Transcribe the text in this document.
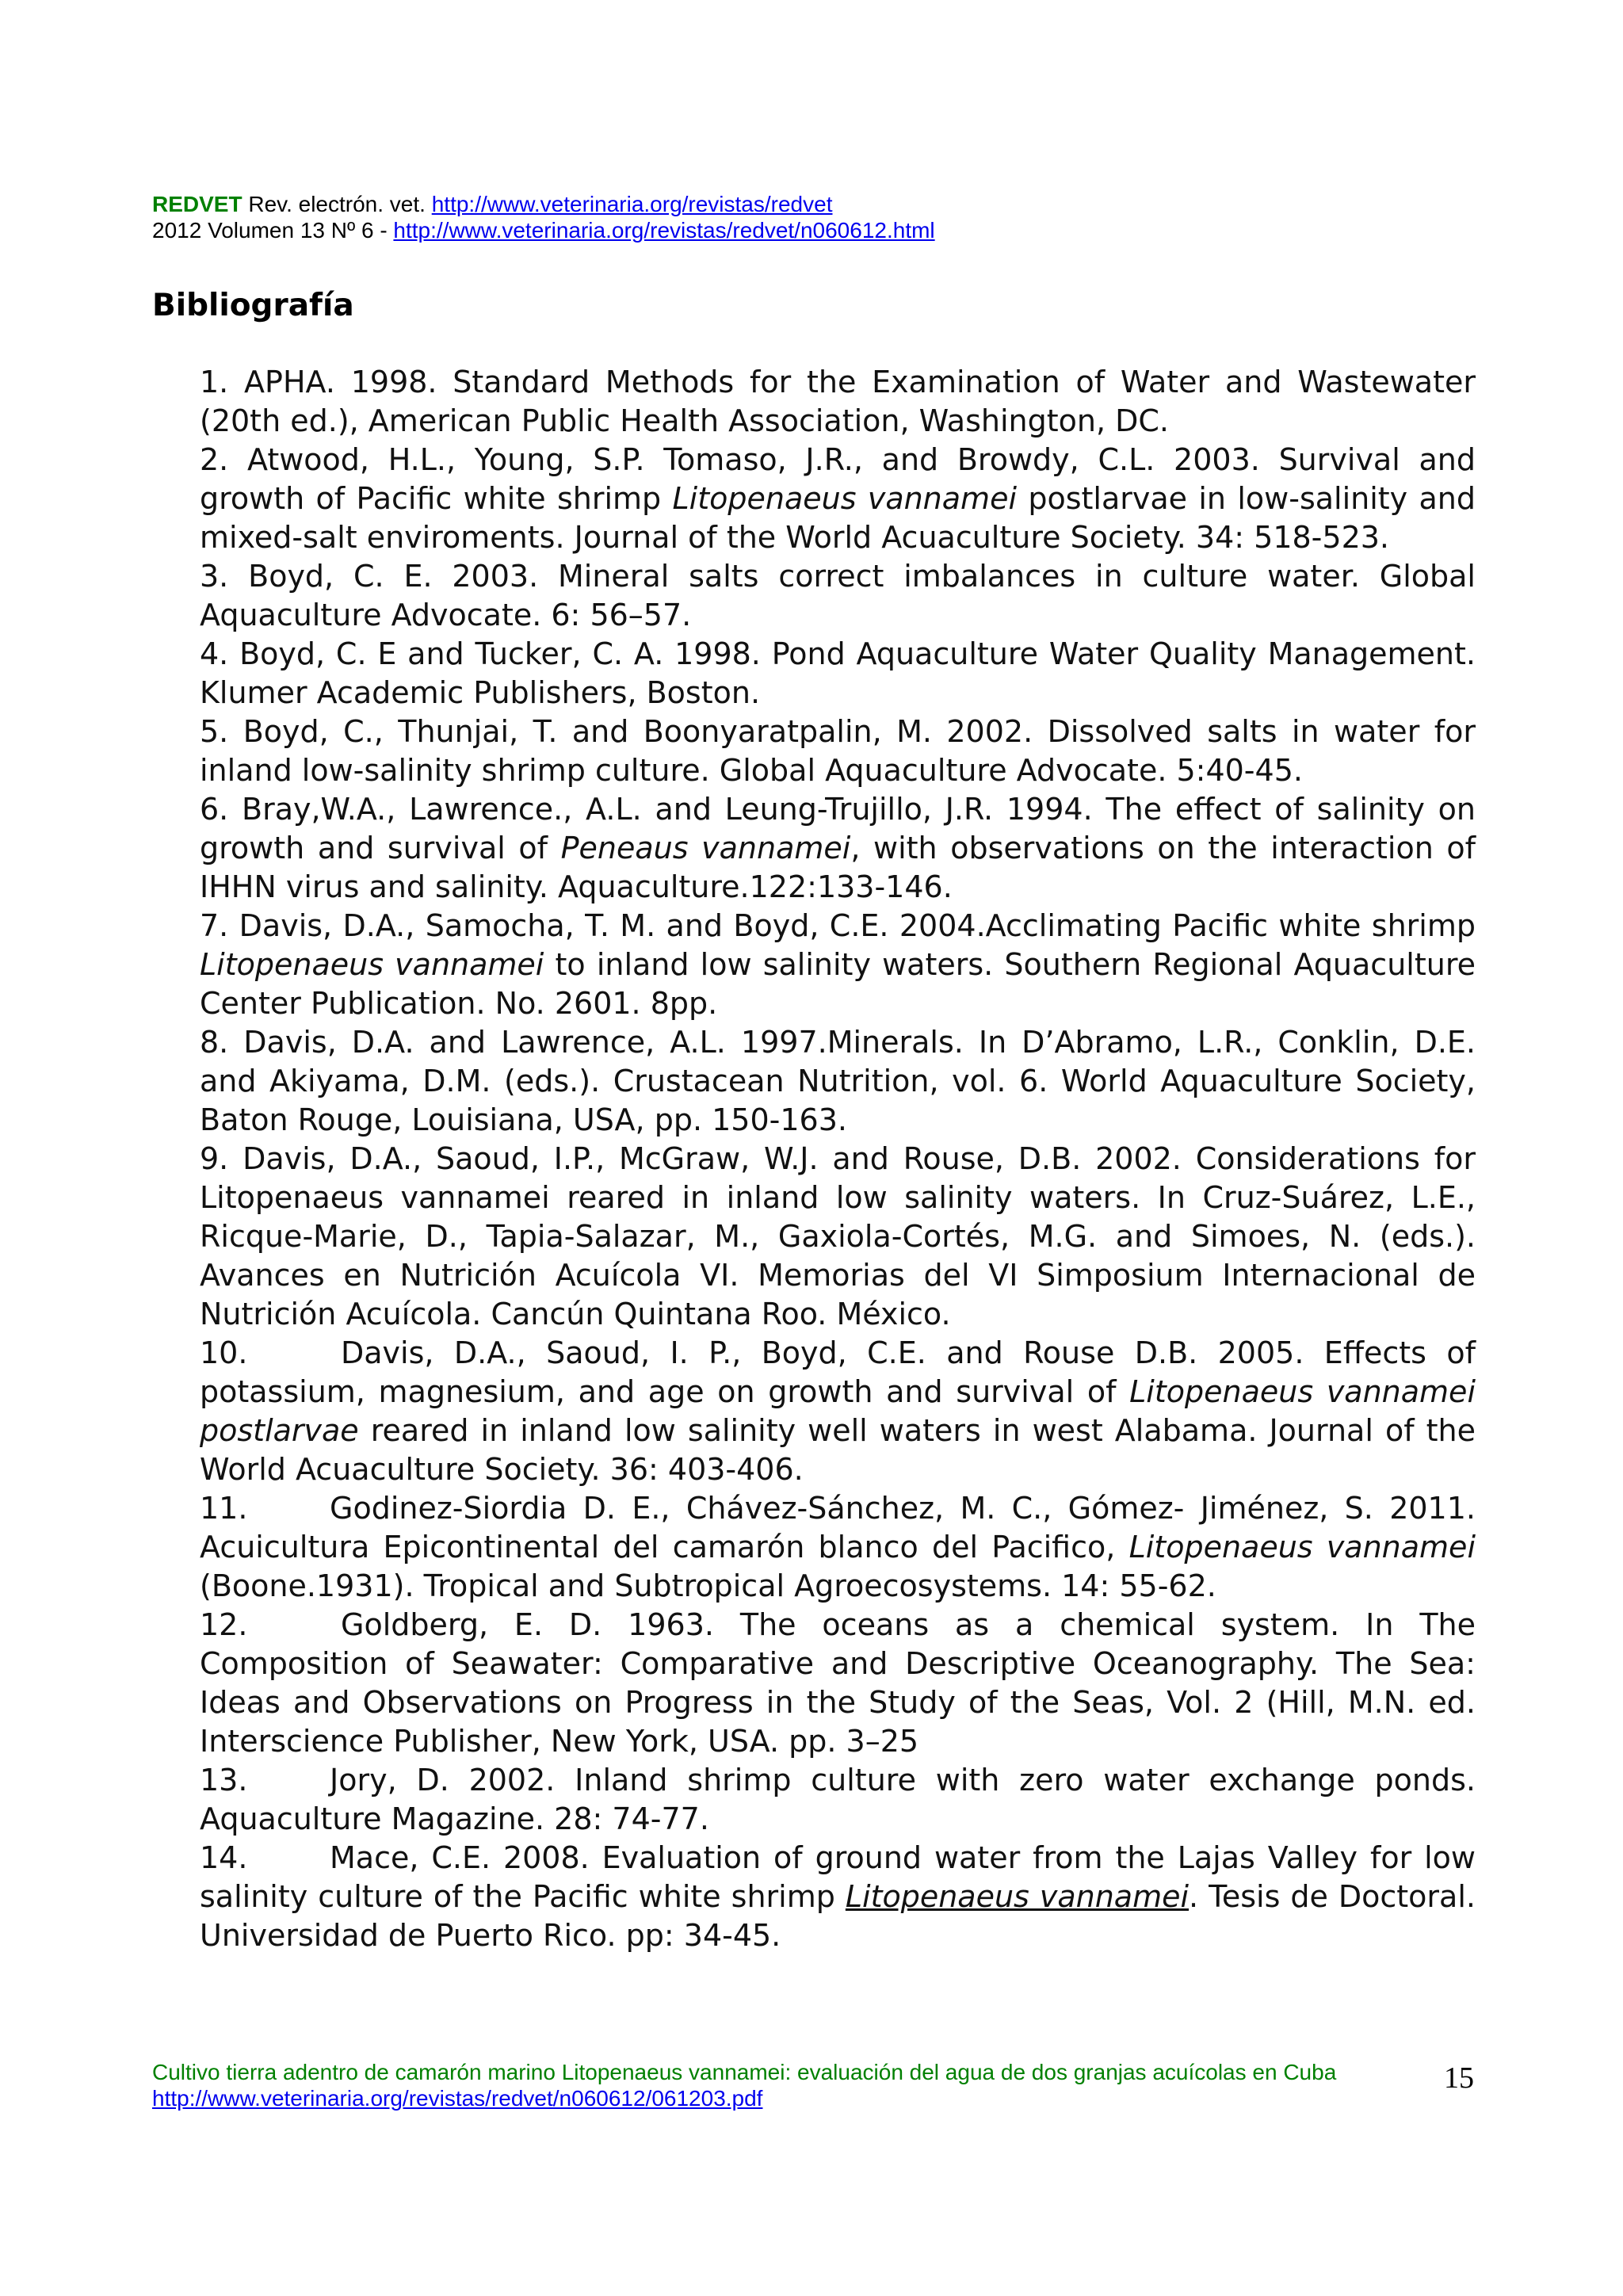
REDVET Rev. electrón. vet. http://www.veterinaria.org/revistas/redvet
2012 Volumen 13 Nº 6 - http://www.veterinaria.org/revistas/redvet/n060612.html
Bibliografía
1. APHA. 1998. Standard Methods for the Examination of Water and Wastewater (20th ed.), American Public Health Association, Washington, DC.
2. Atwood, H.L., Young, S.P. Tomaso, J.R., and Browdy, C.L. 2003. Survival and growth of Pacific white shrimp Litopenaeus vannamei postlarvae in low-salinity and mixed-salt enviroments. Journal of the World Acuaculture Society. 34: 518-523.
3. Boyd, C. E. 2003. Mineral salts correct imbalances in culture water. Global Aquaculture Advocate. 6: 56–57.
4. Boyd, C. E and Tucker, C. A. 1998. Pond Aquaculture Water Quality Management. Klumer Academic Publishers, Boston.
5. Boyd, C., Thunjai, T. and Boonyaratpalin, M. 2002. Dissolved salts in water for inland low-salinity shrimp culture. Global Aquaculture Advocate. 5:40-45.
6. Bray,W.A., Lawrence., A.L. and Leung-Trujillo, J.R. 1994. The effect of salinity on growth and survival of Peneaus vannamei, with observations on the interaction of IHHN virus and salinity. Aquaculture.122:133-146.
7. Davis, D.A., Samocha, T. M. and Boyd, C.E. 2004.Acclimating Pacific white shrimp Litopenaeus vannamei to inland low salinity waters. Southern Regional Aquaculture Center Publication. No. 2601. 8pp.
8. Davis, D.A. and Lawrence, A.L. 1997.Minerals. In D’Abramo, L.R., Conklin, D.E. and Akiyama, D.M. (eds.). Crustacean Nutrition, vol. 6. World Aquaculture Society, Baton Rouge, Louisiana, USA, pp. 150-163.
9. Davis, D.A., Saoud, I.P., McGraw, W.J. and Rouse, D.B. 2002. Considerations for Litopenaeus vannamei reared in inland low salinity waters. In Cruz-Suárez, L.E., Ricque-Marie, D., Tapia-Salazar, M., Gaxiola-Cortés, M.G. and Simoes, N. (eds.). Avances en Nutrición Acuícola VI. Memorias del VI Simposium Internacional de Nutrición Acuícola. Cancún Quintana Roo. México.
10.	Davis, D.A., Saoud, I. P., Boyd, C.E. and Rouse D.B. 2005. Effects of potassium, magnesium, and age on growth and survival of Litopenaeus vannamei postlarvae reared in inland low salinity well waters in west Alabama. Journal of the World Acuaculture Society. 36: 403-406.
11.	Godinez-Siordia D. E., Chávez-Sánchez, M. C., Gómez- Jiménez, S. 2011. Acuicultura Epicontinental del camarón blanco del Pacifico, Litopenaeus vannamei (Boone.1931). Tropical and Subtropical Agroecosystems. 14: 55-62.
12.	Goldberg, E. D. 1963. The oceans as a chemical system. In The Composition of Seawater: Comparative and Descriptive Oceanography. The Sea: Ideas and Observations on Progress in the Study of the Seas, Vol. 2 (Hill, M.N. ed. Interscience Publisher, New York, USA. pp. 3–25
13.	Jory, D. 2002. Inland shrimp culture with zero water exchange ponds. Aquaculture Magazine. 28: 74-77.
14.	Mace, C.E. 2008. Evaluation of ground water from the Lajas Valley for low salinity culture of the Pacific white shrimp Litopenaeus vannamei. Tesis de Doctoral. Universidad de Puerto Rico. pp: 34-45.
Cultivo tierra adentro de camarón marino Litopenaeus vannamei: evaluación del agua de dos granjas acuícolas en Cuba
http://www.veterinaria.org/revistas/redvet/n060612/061203.pdf
15
